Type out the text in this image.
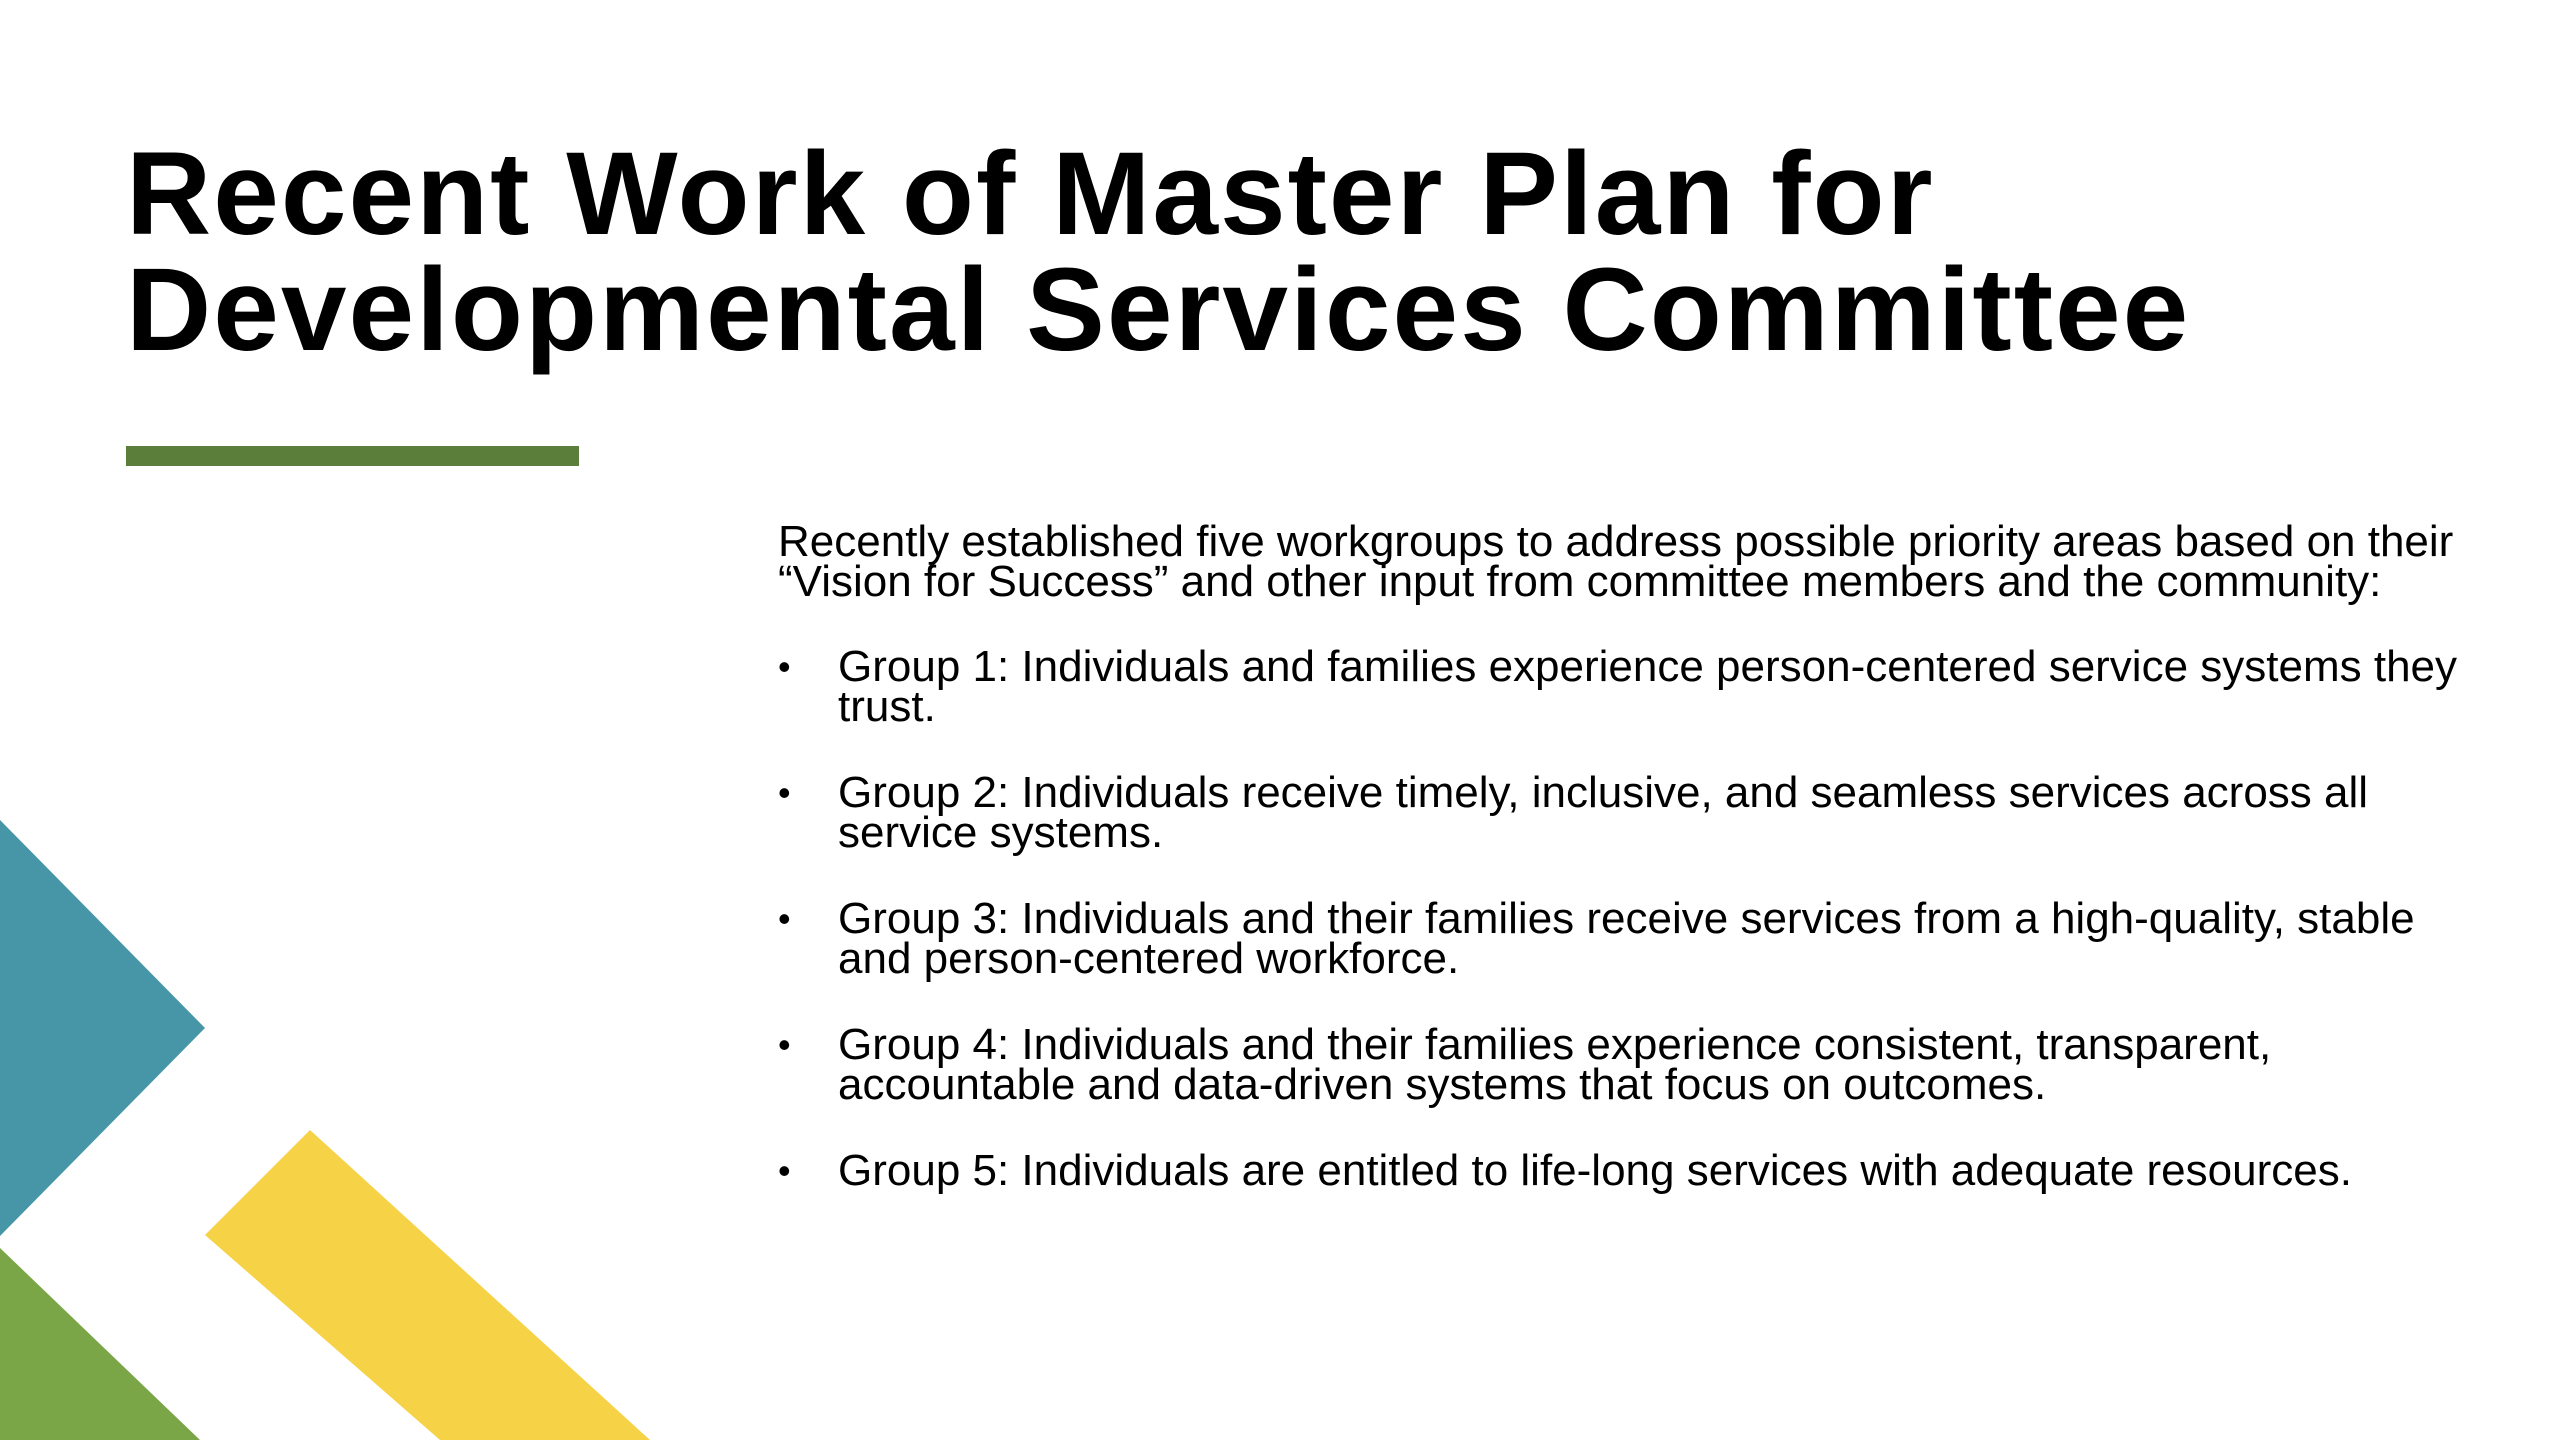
Recent Work of Master Plan for
Developmental Services Committee

Recently established five workgroups to address possible priority areas based on their “Vision for Success” and other input from committee members and the community:

• Group 1: Individuals and families experience person-centered service systems they trust.
• Group 2: Individuals receive timely, inclusive, and seamless services across all service systems.
• Group 3: Individuals and their families receive services from a high-quality, stable and person-centered workforce.
• Group 4: Individuals and their families experience consistent, transparent, accountable and data-driven systems that focus on outcomes.
• Group 5: Individuals are entitled to life-long services with adequate resources.
